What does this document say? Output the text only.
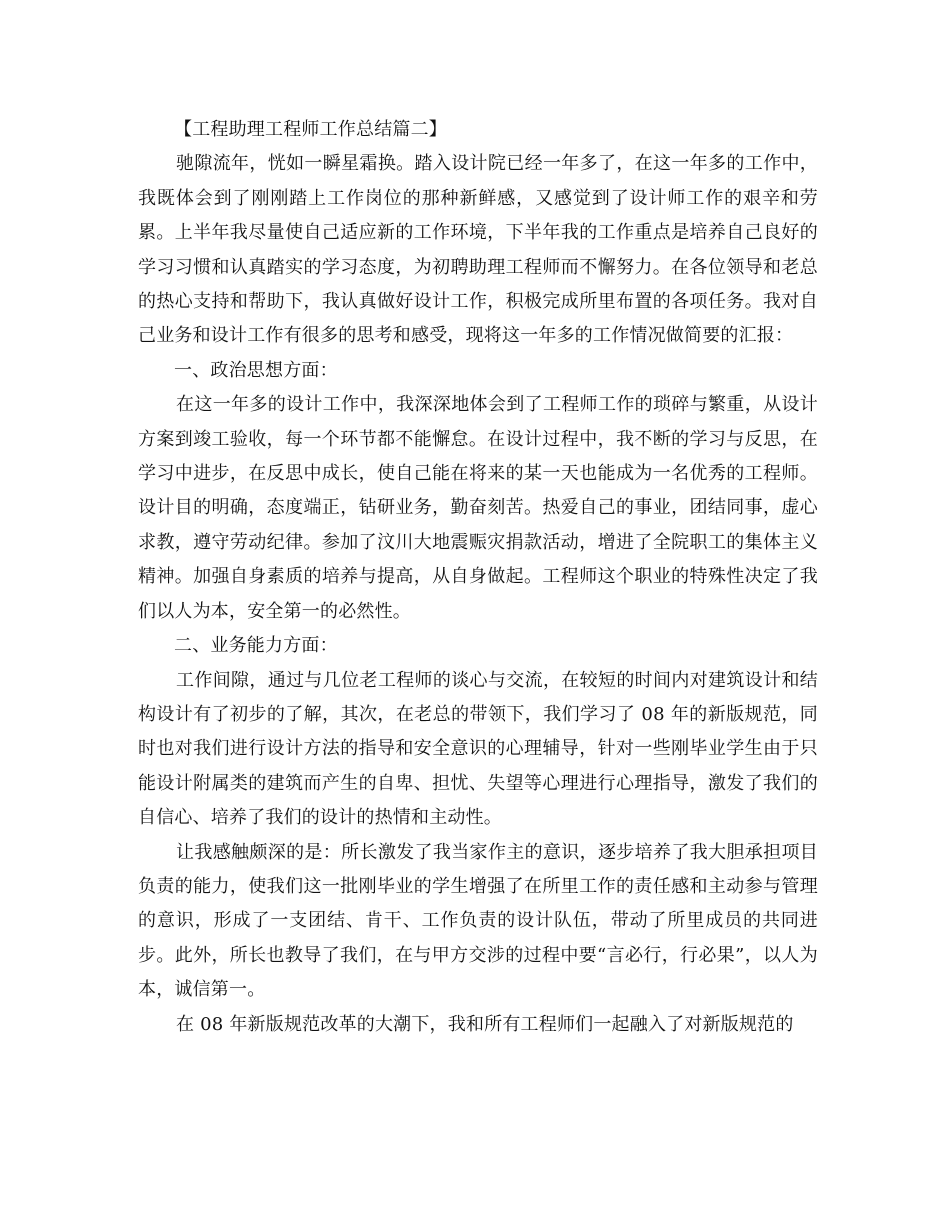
【工程助理工程师工作总结篇二】

驰隙流年，恍如一瞬星霜换。踏入设计院已经一年多了，在这一年多的工作中，我既体会到了刚刚踏上工作岗位的那种新鲜感，又感觉到了设计师工作的艰辛和劳累。上半年我尽量使自己适应新的工作环境，下半年我的工作重点是培养自己良好的学习习惯和认真踏实的学习态度，为初聘助理工程师而不懈努力。在各位领导和老总的热心支持和帮助下，我认真做好设计工作，积极完成所里布置的各项任务。我对自己业务和设计工作有很多的思考和感受，现将这一年多的工作情况做简要的汇报：

一、政治思想方面：

在这一年多的设计工作中，我深深地体会到了工程师工作的琐碎与繁重，从设计方案到竣工验收，每一个环节都不能懈怠。在设计过程中，我不断的学习与反思，在学习中进步，在反思中成长，使自己能在将来的某一天也能成为一名优秀的工程师。设计目的明确，态度端正，钻研业务，勤奋刻苦。热爱自己的事业，团结同事，虚心求教，遵守劳动纪律。参加了汶川大地震赈灾捐款活动，增进了全院职工的集体主义精神。加强自身素质的培养与提高，从自身做起。工程师这个职业的特殊性决定了我们以人为本，安全第一的必然性。

二、业务能力方面：

工作间隙，通过与几位老工程师的谈心与交流，在较短的时间内对建筑设计和结构设计有了初步的了解，其次，在老总的带领下，我们学习了 08 年的新版规范，同时也对我们进行设计方法的指导和安全意识的心理辅导，针对一些刚毕业学生由于只能设计附属类的建筑而产生的自卑、担忧、失望等心理进行心理指导，激发了我们的自信心、培养了我们的设计的热情和主动性。

让我感触颇深的是：所长激发了我当家作主的意识，逐步培养了我大胆承担项目负责的能力，使我们这一批刚毕业的学生增强了在所里工作的责任感和主动参与管理的意识，形成了一支团结、肯干、工作负责的设计队伍，带动了所里成员的共同进步。此外，所长也教导了我们，在与甲方交涉的过程中要“言必行，行必果”，以人为本，诚信第一。

在 08 年新版规范改革的大潮下，我和所有工程师们一起融入了对新版规范的
